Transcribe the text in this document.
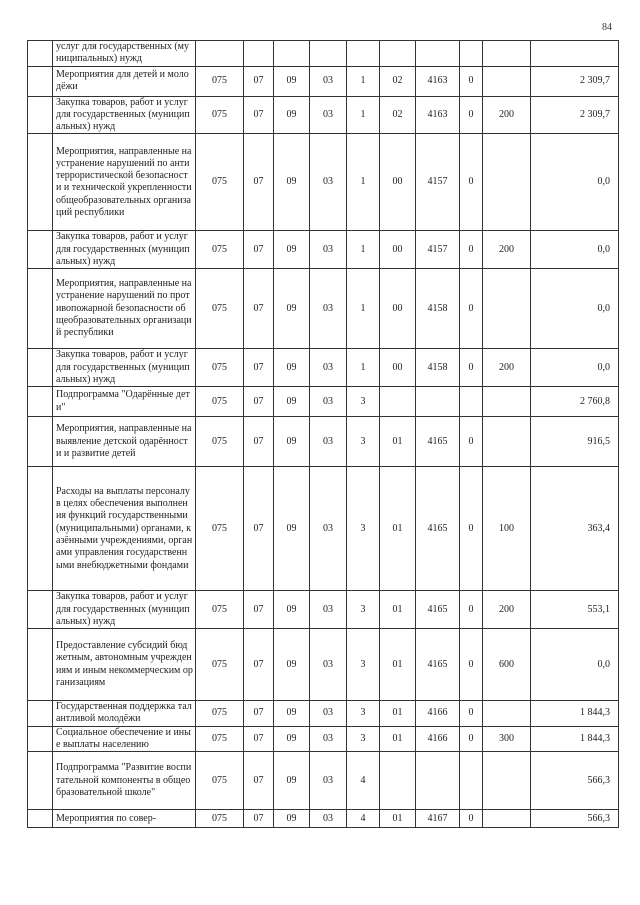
84
	услуг для государственных (муниципальных) нужд										
	Мероприятия для детей и молодёжи	075	07	09	03	1	02	4163	0		2 309,7
	Закупка товаров, работ и услуг для государственных (муниципальных) нужд	075	07	09	03	1	02	4163	0	200	2 309,7
	Мероприятия, направленные на устранение нарушений по антитеррористической безопасности и технической укрепленности общеобразовательных организаций республики	075	07	09	03	1	00	4157	0		0,0
	Закупка товаров, работ и услуг для государственных (муниципальных) нужд	075	07	09	03	1	00	4157	0	200	0,0
	Мероприятия, направленные на устранение нарушений по противопожарной безопасности общеобразовательных организаций республики	075	07	09	03	1	00	4158	0		0,0
	Закупка товаров, работ и услуг для государственных (муниципальных) нужд	075	07	09	03	1	00	4158	0	200	0,0
	Подпрограмма "Одарённые дети"	075	07	09	03	3					2 760,8
	Мероприятия, направленные на выявление детской одарённости и развитие детей	075	07	09	03	3	01	4165	0		916,5
	Расходы на выплаты персоналу в целях обеспечения выполнения функций государственными (муниципальными) органами, казёнными учреждениями, органами управления государственными внебюджетными фондами	075	07	09	03	3	01	4165	0	100	363,4
	Закупка товаров, работ и услуг для государственных (муниципальных) нужд	075	07	09	03	3	01	4165	0	200	553,1
	Предоставление субсидий бюджетным, автономным учреждениям и иным некоммерческим организациям	075	07	09	03	3	01	4165	0	600	0,0
	Государственная поддержка талантливой молодёжи	075	07	09	03	3	01	4166	0		1 844,3
	Социальное обеспечение и иные выплаты населению	075	07	09	03	3	01	4166	0	300	1 844,3
	Подпрограмма "Развитие воспитательной компоненты в общеобразовательной школе"	075	07	09	03	4					566,3
	Мероприятия по совер-	075	07	09	03	4	01	4167	0		566,3
